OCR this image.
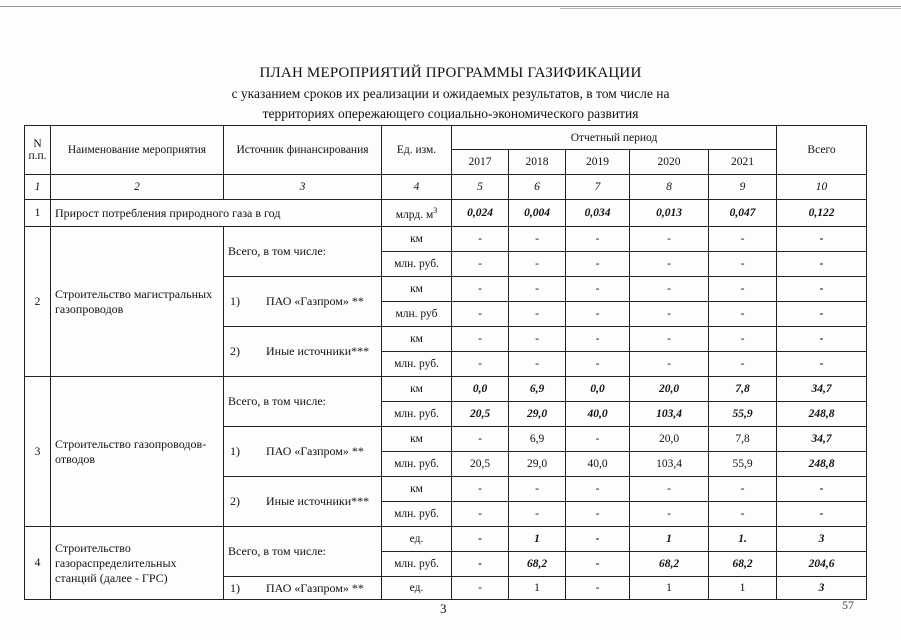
ПЛАН МЕРОПРИЯТИЙ ПРОГРАММЫ ГАЗИФИКАЦИИ
с указанием сроков их реализации и ожидаемых результатов, в том числе на
территориях опережающего социально-экономического развития
N п.п.	Наименование мероприятия	Источник финансирования	Ед. изм.	Отчетный период					Всего
				2017	2018	2019	2020	2021	
1	2	3	4	5	6	7	8	9	10
1	Прирост потребления природного газа в год		млрд. $м^3$	0,024	0,004	0,034	0,013	0,047	0,122
2	Строительство магистральных газопроводов	Всего, в том числе:	км	-	-	-	-	-	-
			млн. руб.	-	-	-	-	-	-

		1) ПАО «Газпром» **	км	-	-	-	-	-	-
			млн. руб	-	-	-	-	-	-

		2) Иные источники***	км	-	-	-	-	-	-
			млн. руб.	-	-	-	-	-	-
3	Строительство газопроводов-отводов	Всего, в том числе:	км	0,0	6,9	0,0	20,0	7,8	34,7
			млн. руб.	20,5	29,0	40,0	103,4	55,9	248,8

		1) ПАО «Газпром» **	км	-	6,9	-	20,0	7,8	34,7
			млн. руб.	20,5	29,0	40,0	103,4	55,9	248,8

		2) Иные источники***	км	-	-	-	-	-	-
			млн. руб.	-	-	-	-	-	-
4	Строительство газораспределительных станций (далее - ГРС)	Всего, в том числе:	ед.	-	1	-	1	1.	3
			млн. руб.	-	68,2	-	68,2	68,2	204,6

		1) ПАО «Газпром» **	ед.	-	1	-	1	1	3
3	57
